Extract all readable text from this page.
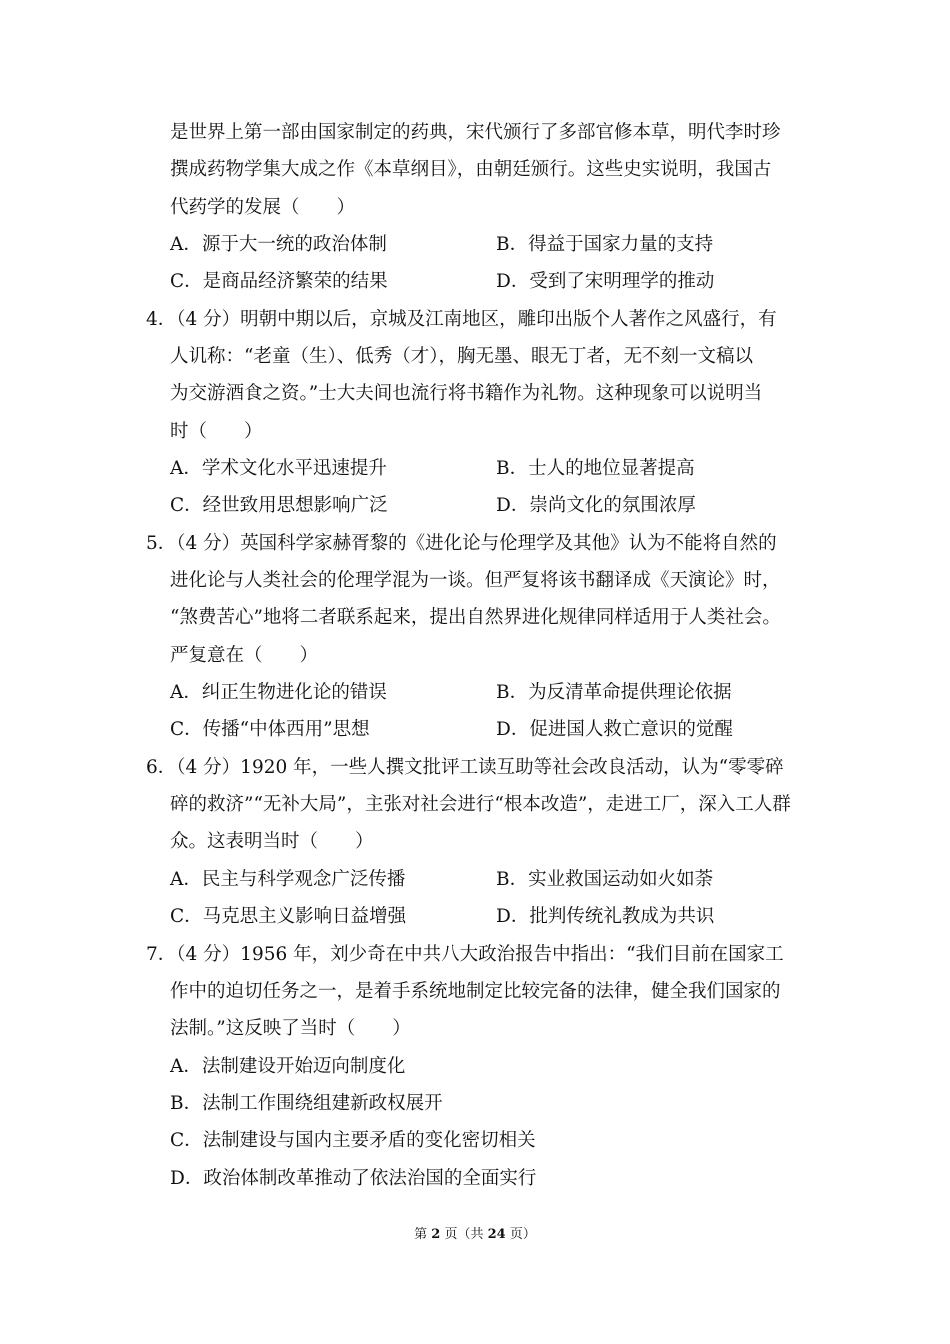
是世界上第一部由国家制定的药典，宋代颁行了多部官修本草，明代李时珍
撰成药物学集大成之作《本草纲目》，由朝廷颁行。这些史实说明，我国古
代药学的发展（　　）
A．源于大一统的政治体制	B．得益于国家力量的支持
C．是商品经济繁荣的结果	D．受到了宋明理学的推动
4．（4 分）明朝中期以后，京城及江南地区，雕印出版个人著作之风盛行，有
人讥称：“老童（生）、低秀（才），胸无墨、眼无丁者，无不刻一文稿以
为交游酒食之资。”士大夫间也流行将书籍作为礼物。这种现象可以说明当
时（　　）
A．学术文化水平迅速提升	B．士人的地位显著提高
C．经世致用思想影响广泛	D．崇尚文化的氛围浓厚
5．（4 分）英国科学家赫胥黎的《进化论与伦理学及其他》认为不能将自然的
进化论与人类社会的伦理学混为一谈。但严复将该书翻译成《天演论》时，
“煞费苦心”地将二者联系起来，提出自然界进化规律同样适用于人类社会。
严复意在（　　）
A．纠正生物进化论的错误	B．为反清革命提供理论依据
C．传播“中体西用”思想	D．促进国人救亡意识的觉醒
6．（4 分）1920 年，一些人撰文批评工读互助等社会改良活动，认为“零零碎
碎的救济”“无补大局”，主张对社会进行“根本改造”，走进工厂，深入工人群
众。这表明当时（　　）
A．民主与科学观念广泛传播	B．实业救国运动如火如荼
C．马克思主义影响日益增强	D．批判传统礼教成为共识
7．（4 分）1956 年，刘少奇在中共八大政治报告中指出：“我们目前在国家工
作中的迫切任务之一，是着手系统地制定比较完备的法律，健全我们国家的
法制。”这反映了当时（　　）
A．法制建设开始迈向制度化
B．法制工作围绕组建新政权展开
C．法制建设与国内主要矛盾的变化密切相关
D．政治体制改革推动了依法治国的全面实行
第 2 页（共 24 页）
